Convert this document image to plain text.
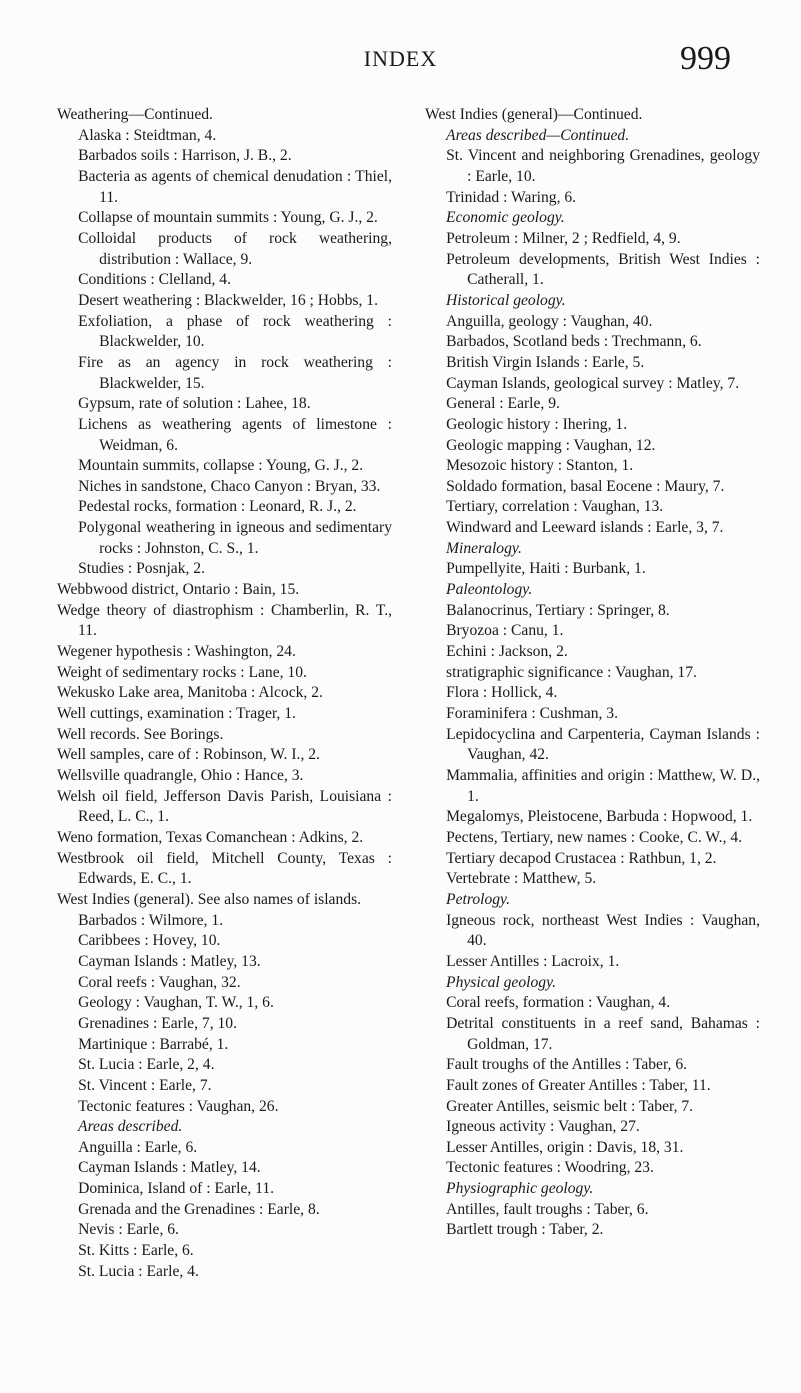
INDEX	999
Weathering—Continued.
Alaska : Steidtman, 4.
Barbados soils : Harrison, J. B., 2.
Bacteria as agents of chemical denudation : Thiel, 11.
Collapse of mountain summits : Young, G. J., 2.
Colloidal products of rock weathering, distribution : Wallace, 9.
Conditions : Clelland, 4.
Desert weathering : Blackwelder, 16 ; Hobbs, 1.
Exfoliation, a phase of rock weathering : Blackwelder, 10.
Fire as an agency in rock weathering : Blackwelder, 15.
Gypsum, rate of solution : Lahee, 18.
Lichens as weathering agents of limestone : Weidman, 6.
Mountain summits, collapse : Young, G. J., 2.
Niches in sandstone, Chaco Canyon : Bryan, 33.
Pedestal rocks, formation : Leonard, R. J., 2.
Polygonal weathering in igneous and sedimentary rocks : Johnston, C. S., 1.
Studies : Posnjak, 2.
Webbwood district, Ontario : Bain, 15.
Wedge theory of diastrophism : Chamberlin, R. T., 11.
Wegener hypothesis : Washington, 24.
Weight of sedimentary rocks : Lane, 10.
Wekusko Lake area, Manitoba : Alcock, 2.
Well cuttings, examination : Trager, 1.
Well records. See Borings.
Well samples, care of : Robinson, W. I., 2.
Wellsville quadrangle, Ohio : Hance, 3.
Welsh oil field, Jefferson Davis Parish, Louisiana : Reed, L. C., 1.
Weno formation, Texas Comanchean : Adkins, 2.
Westbrook oil field, Mitchell County, Texas : Edwards, E. C., 1.
West Indies (general). See also names of islands.
Barbados : Wilmore, 1.
Caribbees : Hovey, 10.
Cayman Islands : Matley, 13.
Coral reefs : Vaughan, 32.
Geology : Vaughan, T. W., 1, 6.
Grenadines : Earle, 7, 10.
Martinique : Barrabé, 1.
St. Lucia : Earle, 2, 4.
St. Vincent : Earle, 7.
Tectonic features : Vaughan, 26.
Areas described.
Anguilla : Earle, 6.
Cayman Islands : Matley, 14.
Dominica, Island of : Earle, 11.
Grenada and the Grenadines : Earle, 8.
Nevis : Earle, 6.
St. Kitts : Earle, 6.
St. Lucia : Earle, 4.
West Indies (general)—Continued.
Areas described—Continued.
St. Vincent and neighboring Grenadines, geology : Earle, 10.
Trinidad : Waring, 6.
Economic geology.
Petroleum : Milner, 2 ; Redfield, 4, 9.
Petroleum developments, British West Indies : Catherall, 1.
Historical geology.
Anguilla, geology : Vaughan, 40.
Barbados, Scotland beds : Trechmann, 6.
British Virgin Islands : Earle, 5.
Cayman Islands, geological survey : Matley, 7.
General : Earle, 9.
Geologic history : Ihering, 1.
Geologic mapping : Vaughan, 12.
Mesozoic history : Stanton, 1.
Soldado formation, basal Eocene : Maury, 7.
Tertiary, correlation : Vaughan, 13.
Windward and Leeward islands : Earle, 3, 7.
Mineralogy.
Pumpellyite, Haiti : Burbank, 1.
Paleontology.
Balanocrinus, Tertiary : Springer, 8.
Bryozoa : Canu, 1.
Echini : Jackson, 2.
stratigraphic significance : Vaughan, 17.
Flora : Hollick, 4.
Foraminifera : Cushman, 3.
Lepidocyclina and Carpenteria, Cayman Islands : Vaughan, 42.
Mammalia, affinities and origin : Matthew, W. D., 1.
Megalomys, Pleistocene, Barbuda : Hopwood, 1.
Pectens, Tertiary, new names : Cooke, C. W., 4.
Tertiary decapod Crustacea : Rathbun, 1, 2.
Vertebrate : Matthew, 5.
Petrology.
Igneous rock, northeast West Indies : Vaughan, 40.
Lesser Antilles : Lacroix, 1.
Physical geology.
Coral reefs, formation : Vaughan, 4.
Detrital constituents in a reef sand, Bahamas : Goldman, 17.
Fault troughs of the Antilles : Taber, 6.
Fault zones of Greater Antilles : Taber, 11.
Greater Antilles, seismic belt : Taber, 7.
Igneous activity : Vaughan, 27.
Lesser Antilles, origin : Davis, 18, 31.
Tectonic features : Woodring, 23.
Physiographic geology.
Antilles, fault troughs : Taber, 6.
Bartlett trough : Taber, 2.
